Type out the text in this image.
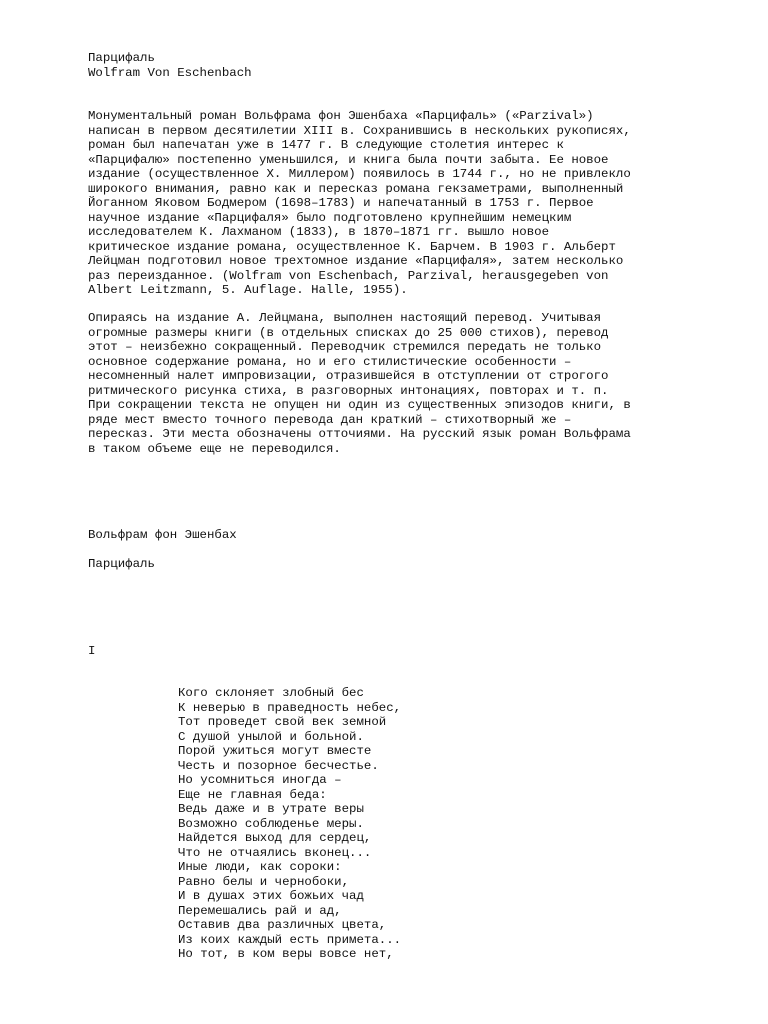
Парцифаль
Wolfram Von Eschenbach
Монументальный роман Вольфрама фон Эшенбаха «Парцифаль» («Parzival»)
написан в первом десятилетии XIII в. Сохранившись в нескольких рукописях,
роман был напечатан уже в 1477 г. В следующие столетия интерес к
«Парцифалю» постепенно уменьшился, и книга была почти забыта. Ее новое
издание (осуществленное Х. Миллером) появилось в 1744 г., но не привлекло
широкого внимания, равно как и пересказ романа гекзаметрами, выполненный
Йоганном Яковом Бодмером (1698–1783) и напечатанный в 1753 г. Первое
научное издание «Парцифаля» было подготовлено крупнейшим немецким
исследователем К. Лахманом (1833), в 1870–1871 гг. вышло новое
критическое издание романа, осуществленное К. Барчем. В 1903 г. Альберт
Лейцман подготовил новое трехтомное издание «Парцифаля», затем несколько
раз переизданное. (Wolfram von Eschenbach, Parzival, herausgegeben von
Albert Leitzmann, 5. Auflage. Halle, 1955).
Опираясь на издание А. Лейцмана, выполнен настоящий перевод. Учитывая
огромные размеры книги (в отдельных списках до 25 000 стихов), перевод
этот – неизбежно сокращенный. Переводчик стремился передать не только
основное содержание романа, но и его стилистические особенности –
несомненный налет импровизации, отразившейся в отступлении от строгого
ритмического рисунка стиха, в разговорных интонациях, повторах и т. п.
При сокращении текста не опущен ни один из существенных эпизодов книги, в
ряде мест вместо точного перевода дан краткий – стихотворный же –
пересказ. Эти места обозначены отточиями. На русский язык роман Вольфрама
в таком объеме еще не переводился.
Вольфрам фон Эшенбах
Парцифаль
I
Кого склоняет злобный бес
К неверью в праведность небес,
Тот проведет свой век земной
С душой унылой и больной.
Порой ужиться могут вместе
Честь и позорное бесчестье.
Но усомниться иногда –
Еще не главная беда:
Ведь даже и в утрате веры
Возможно соблюденье меры.
Найдется выход для сердец,
Что не отчаялись вконец...
Иные люди, как сороки:
Равно белы и чернобоки,
И в душах этих божьих чад
Перемешались рай и ад,
Оставив два различных цвета,
Из коих каждый есть примета...
Но тот, в ком веры вовсе нет,
